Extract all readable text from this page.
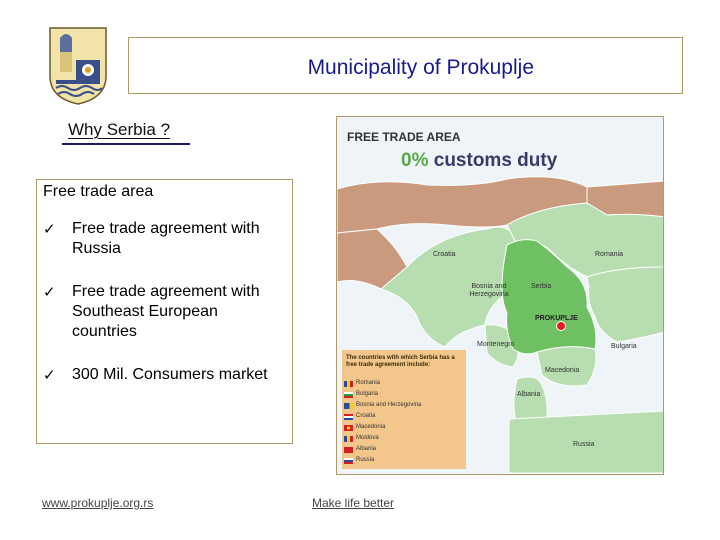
Municipality of Prokuplje
Why Serbia ?
Free trade area
✓ Free trade agreement with Russia
✓ Free trade agreement with Southeast European countries
✓ 300 Mil. Consumers market
FREE TRADE AREA
0% customs duty
Croatia	Romania
Bosnia and Herzegovina
Serbia
PROKUPLJE
Montenegro	Bulgaria
Macedonia
Albania
Russia
The countries with which Serbia has a free trade agreement include:
Romania
Bulgaria
Bosnia and Herzegovina
Croatia
Macedonia
Moldova
Albania
Russia
www.prokuplje.org.rs	Make life better
